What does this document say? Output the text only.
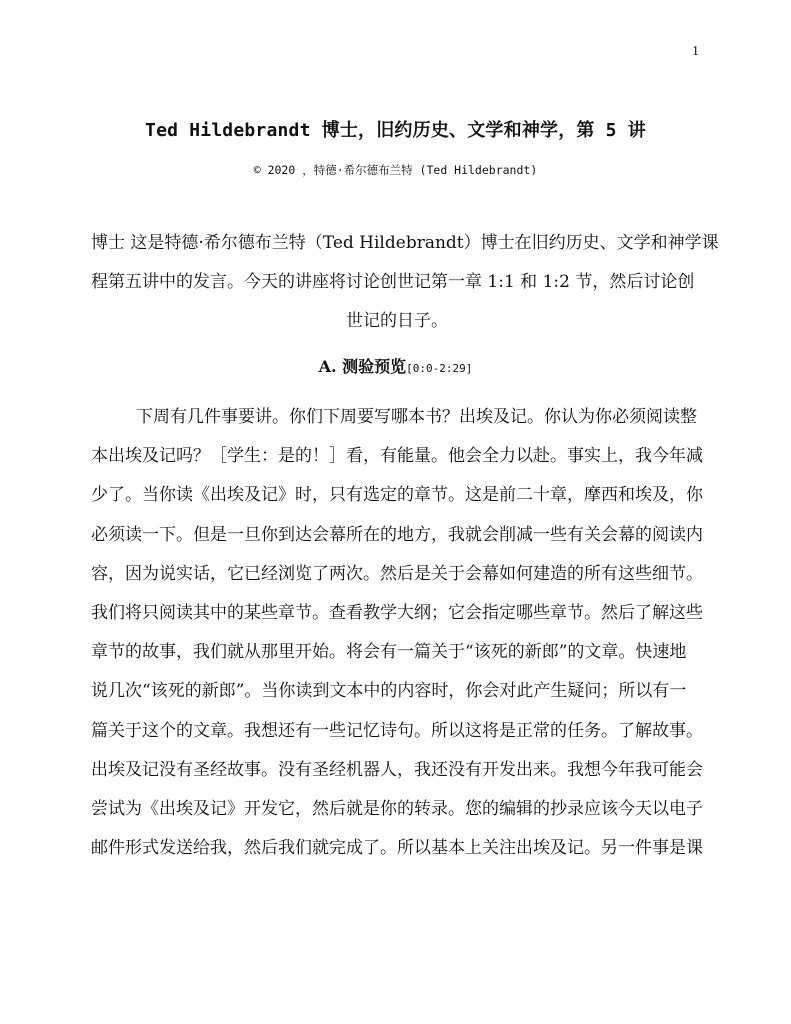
1
Ted Hildebrandt 博士，旧约历史、文学和神学，第 5 讲
© 2020 ，特德·希尔德布兰特 (Ted Hildebrandt)
博士 这是特德·希尔德布兰特（Ted Hildebrandt）博士在旧约历史、文学和神学课
程第五讲中的发言。今天的讲座将讨论创世记第一章 1:1 和 1:2 节，然后讨论创
世记的日子。
A. 测验预览[0:0-2:29]
下周有几件事要讲。你们下周要写哪本书？出埃及记。你认为你必须阅读整
本出埃及记吗？［学生：是的！］看，有能量。他会全力以赴。事实上，我今年减
少了。当你读《出埃及记》时，只有选定的章节。这是前二十章，摩西和埃及，你
必须读一下。但是一旦你到达会幕所在的地方，我就会削减一些有关会幕的阅读内
容，因为说实话，它已经浏览了两次。然后是关于会幕如何建造的所有这些细节。
我们将只阅读其中的某些章节。查看教学大纲；它会指定哪些章节。然后了解这些
章节的故事，我们就从那里开始。将会有一篇关于“该死的新郎”的文章。快速地
说几次“该死的新郎”。当你读到文本中的内容时，你会对此产生疑问；所以有一
篇关于这个的文章。我想还有一些记忆诗句。所以这将是正常的任务。了解故事。
出埃及记没有圣经故事。没有圣经机器人，我还没有开发出来。我想今年我可能会
尝试为《出埃及记》开发它，然后就是你的转录。您的编辑的抄录应该今天以电子
邮件形式发送给我，然后我们就完成了。所以基本上关注出埃及记。另一件事是课
